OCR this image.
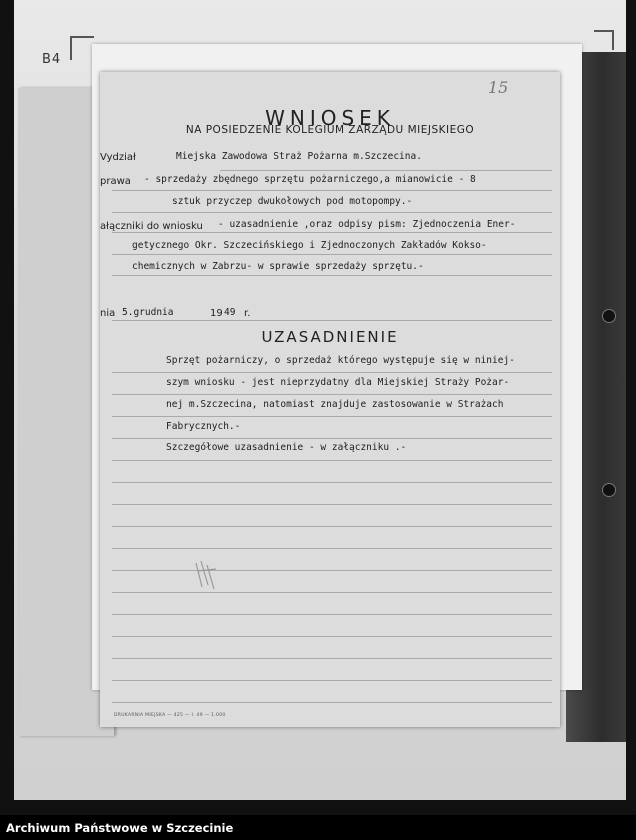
B4
WNIOSEK
NA POSIEDZENIE KOLEGIUM ZARZĄDU MIEJSKIEGO
Vydział	Miejska Zawodowa Straż Pożarna m.Szczecina.
prawa - sprzedaży zbędnego sprzętu pożarniczego,a mianowicie - 8
sztuk przyczep dwukołowych pod motopompy.-
ałączniki do wniosku - uzasadnienie ,oraz odpisy pism: Zjednoczenia Ener-
getycznego Okr. Szczecińskiego i Zjednoczonych Zakładów Kokso-
chemicznych w Zabrzu- w sprawie sprzedaży sprzętu.-
nia 5.grudnia	19 49 r.
UZASADNIENIE
Sprzęt pożarniczy, o sprzedaż którego występuje się w niniej-
szym wniosku - jest nieprzydatny dla Miejskiej Straży Pożar-
nej m.Szczecina, natomiast znajduje zastosowanie w Strażach
Fabrycznych.-
Szczegółowe uzasadnienie - w załączniku .-
DRUKARNIA MIEJSKA — 425 — I. 49 — 1.000
15
Archiwum Państwowe w Szczecinie
